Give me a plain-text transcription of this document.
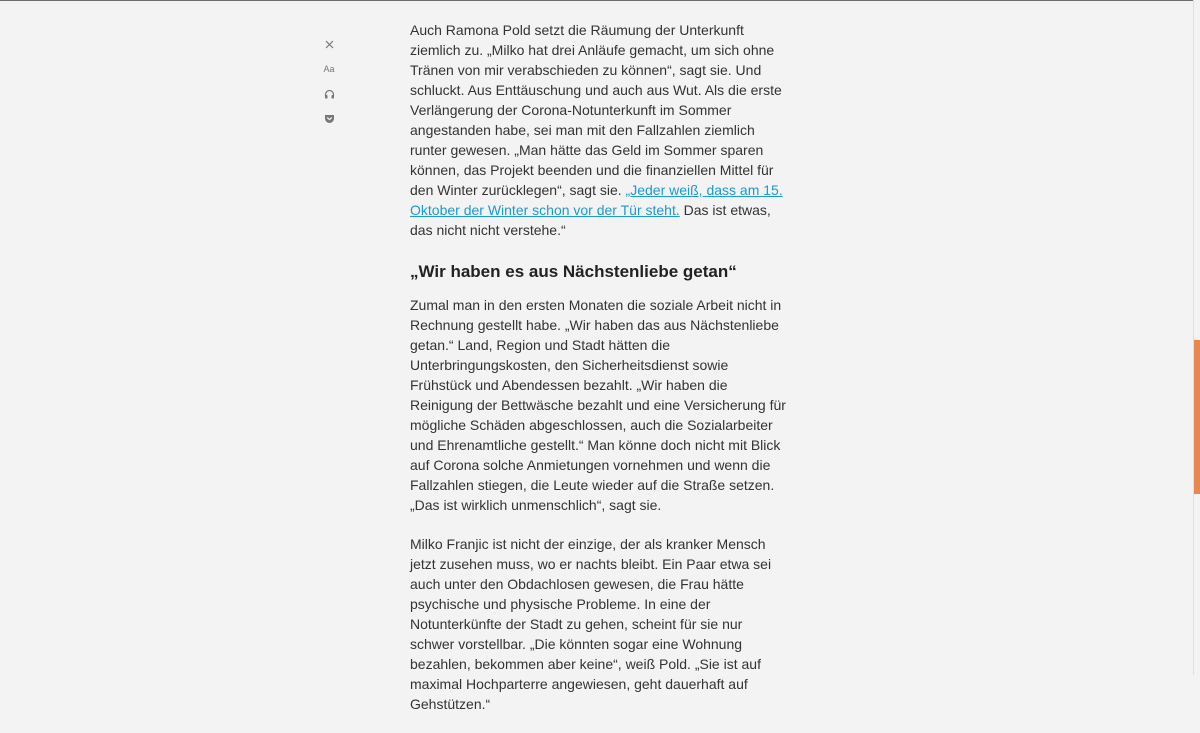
Aa

Auch Ramona Pold setzt die Räumung der Unterkunft ziemlich zu. „Milko hat drei Anläufe gemacht, um sich ohne Tränen von mir verabschieden zu können“, sagt sie. Und schluckt. Aus Enttäuschung und auch aus Wut. Als die erste Verlängerung der Corona-Notunterkunft im Sommer angestanden habe, sei man mit den Fallzahlen ziemlich runter gewesen. „Man hätte das Geld im Sommer sparen können, das Projekt beenden und die finanziellen Mittel für den Winter zurücklegen“, sagt sie. „Jeder weiß, dass am 15. Oktober der Winter schon vor der Tür steht. Das ist etwas, das nicht nicht verstehe.“

„Wir haben es aus Nächstenliebe getan“

Zumal man in den ersten Monaten die soziale Arbeit nicht in Rechnung gestellt habe. „Wir haben das aus Nächstenliebe getan.“ Land, Region und Stadt hätten die Unterbringungskosten, den Sicherheitsdienst sowie Frühstück und Abendessen bezahlt. „Wir haben die Reinigung der Bettwäsche bezahlt und eine Versicherung für mögliche Schäden abgeschlossen, auch die Sozialarbeiter und Ehrenamtliche gestellt.“ Man könne doch nicht mit Blick auf Corona solche Anmietungen vornehmen und wenn die Fallzahlen stiegen, die Leute wieder auf die Straße setzen. „Das ist wirklich unmenschlich“, sagt sie.

Milko Franjic ist nicht der einzige, der als kranker Mensch jetzt zusehen muss, wo er nachts bleibt. Ein Paar etwa sei auch unter den Obdachlosen gewesen, die Frau hätte psychische und physische Probleme. In eine der Notunterkünfte der Stadt zu gehen, scheint für sie nur schwer vorstellbar. „Die könnten sogar eine Wohnung bezahlen, bekommen aber keine“, weiß Pold. „Sie ist auf maximal Hochparterre angewiesen, geht dauerhaft auf Gehstützen.“
